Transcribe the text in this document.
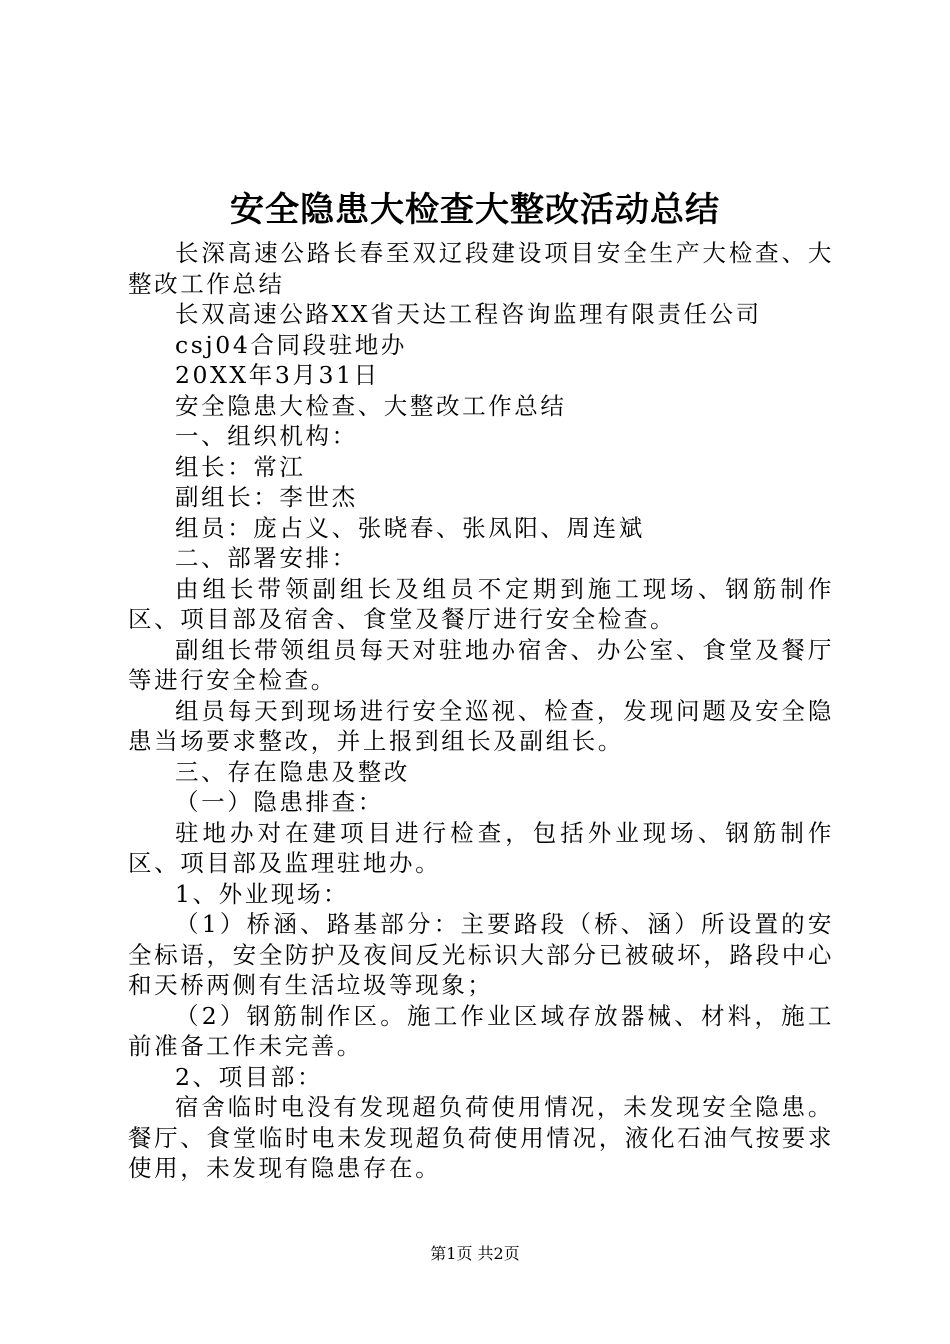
安全隐患大检查大整改活动总结

长深高速公路长春至双辽段建设项目安全生产大检查、大整改工作总结

长双高速公路XX省天达工程咨询监理有限责任公司

csj04合同段驻地办

20XX年3月31日

安全隐患大检查、大整改工作总结

一、组织机构：

组长：常江

副组长：李世杰

组员：庞占义、张晓春、张凤阳、周连斌

二、部署安排：

由组长带领副组长及组员不定期到施工现场、钢筋制作区、项目部及宿舍、食堂及餐厅进行安全检查。

副组长带领组员每天对驻地办宿舍、办公室、食堂及餐厅等进行安全检查。

组员每天到现场进行安全巡视、检查，发现问题及安全隐患当场要求整改，并上报到组长及副组长。

三、存在隐患及整改

（一）隐患排查：

驻地办对在建项目进行检查，包括外业现场、钢筋制作区、项目部及监理驻地办。

1、外业现场：

（1）桥涵、路基部分：主要路段（桥、涵）所设置的安全标语，安全防护及夜间反光标识大部分已被破坏，路段中心和天桥两侧有生活垃圾等现象；

（2）钢筋制作区。施工作业区域存放器械、材料，施工前准备工作未完善。

2、项目部：

宿舍临时电没有发现超负荷使用情况，未发现安全隐患。餐厅、食堂临时电未发现超负荷使用情况，液化石油气按要求使用，未发现有隐患存在。

第1页 共2页
